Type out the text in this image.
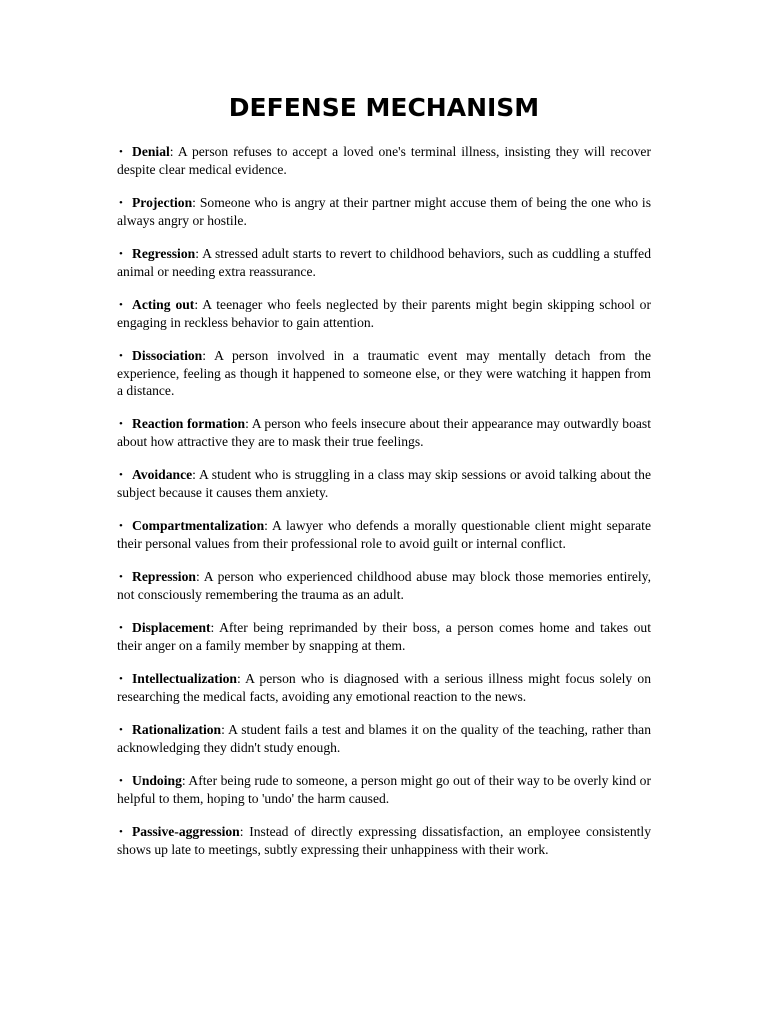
DEFENSE MECHANISM
• Denial: A person refuses to accept a loved one's terminal illness, insisting they will recover despite clear medical evidence.
• Projection: Someone who is angry at their partner might accuse them of being the one who is always angry or hostile.
• Regression: A stressed adult starts to revert to childhood behaviors, such as cuddling a stuffed animal or needing extra reassurance.
• Acting out: A teenager who feels neglected by their parents might begin skipping school or engaging in reckless behavior to gain attention.
• Dissociation: A person involved in a traumatic event may mentally detach from the experience, feeling as though it happened to someone else, or they were watching it happen from a distance.
• Reaction formation: A person who feels insecure about their appearance may outwardly boast about how attractive they are to mask their true feelings.
• Avoidance: A student who is struggling in a class may skip sessions or avoid talking about the subject because it causes them anxiety.
• Compartmentalization: A lawyer who defends a morally questionable client might separate their personal values from their professional role to avoid guilt or internal conflict.
• Repression: A person who experienced childhood abuse may block those memories entirely, not consciously remembering the trauma as an adult.
• Displacement: After being reprimanded by their boss, a person comes home and takes out their anger on a family member by snapping at them.
• Intellectualization: A person who is diagnosed with a serious illness might focus solely on researching the medical facts, avoiding any emotional reaction to the news.
• Rationalization: A student fails a test and blames it on the quality of the teaching, rather than acknowledging they didn't study enough.
• Undoing: After being rude to someone, a person might go out of their way to be overly kind or helpful to them, hoping to 'undo' the harm caused.
• Passive-aggression: Instead of directly expressing dissatisfaction, an employee consistently shows up late to meetings, subtly expressing their unhappiness with their work.
